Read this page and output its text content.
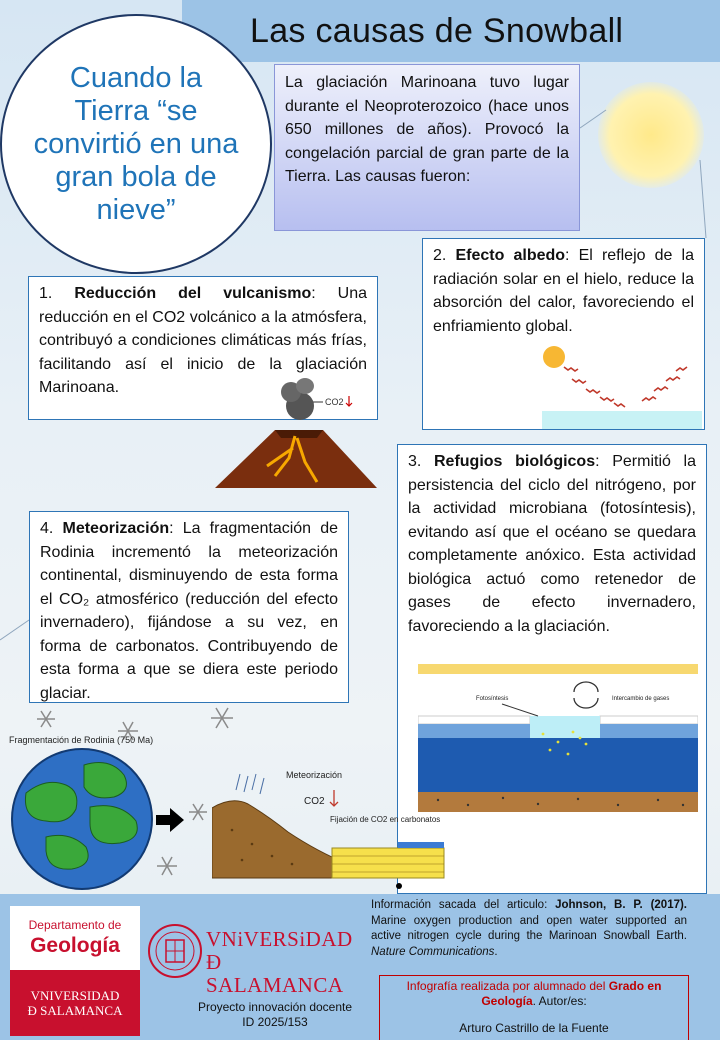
Las causas de Snowball
Cuando la Tierra “se convirtió en una gran bola de nieve”
La glaciación Marinoana tuvo lugar durante el Neoproterozoico (hace unos 650 millones de años). Provocó la congelación parcial de gran parte de la Tierra. Las causas fueron:
1. Reducción del vulcanismo: Una reducción en el CO2 volcánico a la atmósfera, contribuyó a condiciones climáticas más frías, facilitando así el inicio de la glaciación Marinoana.
CO2
2. Efecto albedo: El reflejo de la radiación solar en el hielo, reduce la absorción del calor, favoreciendo el enfriamiento global.
3. Refugios biológicos: Permitió la persistencia del ciclo del nitrógeno, por la actividad microbiana (fotosíntesis), evitando así que el océano se quedara completamente anóxico. Esta actividad biológica actuó como retenedor de gases de efecto invernadero, favoreciendo a la glaciación.
Fotosíntesis	Intercambio de gases
4. Meteorización: La fragmentación de Rodinia incrementó la meteorización continental, disminuyendo de esta forma el CO₂ atmosférico (reducción del efecto invernadero), fijándose a su vez, en forma de carbonatos. Contribuyendo de esta forma a que se diera este periodo glaciar.
Fragmentación de Rodinia (750 Ma)
Meteorización
CO2
Fijación de CO2 en carbonatos
Departamento de
Geología
VNIVERSIDAD
Ð SALAMANCA
VNiVERSiDAD
Ð SALAMANCA
Proyecto innovación docente ID 2025/153
Información sacada del articulo: Johnson, B. P. (2017). Marine oxygen production and open water supported an active nitrogen cycle during the Marinoan Snowball Earth. Nature Communications.
Infografía realizada por alumnado del Grado en Geología. Autor/es:
Arturo Castrillo de la Fuente
